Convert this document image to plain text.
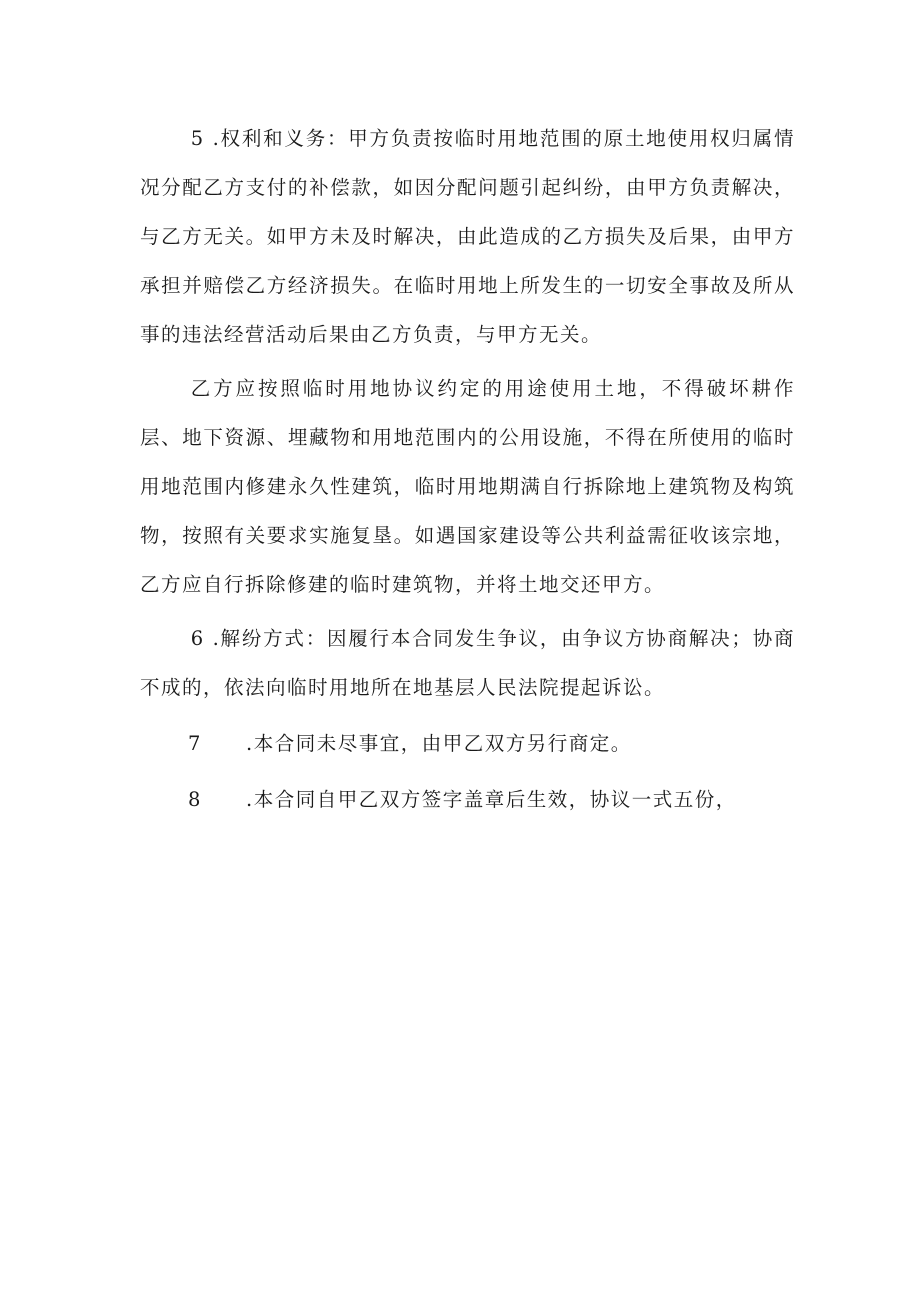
5 .权利和义务：甲方负责按临时用地范围的原土地使用权归属情况分配乙方支付的补偿款，如因分配问题引起纠纷，由甲方负责解决，与乙方无关。如甲方未及时解决，由此造成的乙方损失及后果，由甲方承担并赔偿乙方经济损失。在临时用地上所发生的一切安全事故及所从事的违法经营活动后果由乙方负责，与甲方无关。

乙方应按照临时用地协议约定的用途使用土地，不得破坏耕作层、地下资源、埋藏物和用地范围内的公用设施，不得在所使用的临时用地范围内修建永久性建筑，临时用地期满自行拆除地上建筑物及构筑物，按照有关要求实施复垦。如遇国家建设等公共利益需征收该宗地，乙方应自行拆除修建的临时建筑物，并将土地交还甲方。

6 .解纷方式：因履行本合同发生争议，由争议方协商解决；协商不成的，依法向临时用地所在地基层人民法院提起诉讼。

7 .本合同未尽事宜，由甲乙双方另行商定。

8 .本合同自甲乙双方签字盖章后生效，协议一式五份，
